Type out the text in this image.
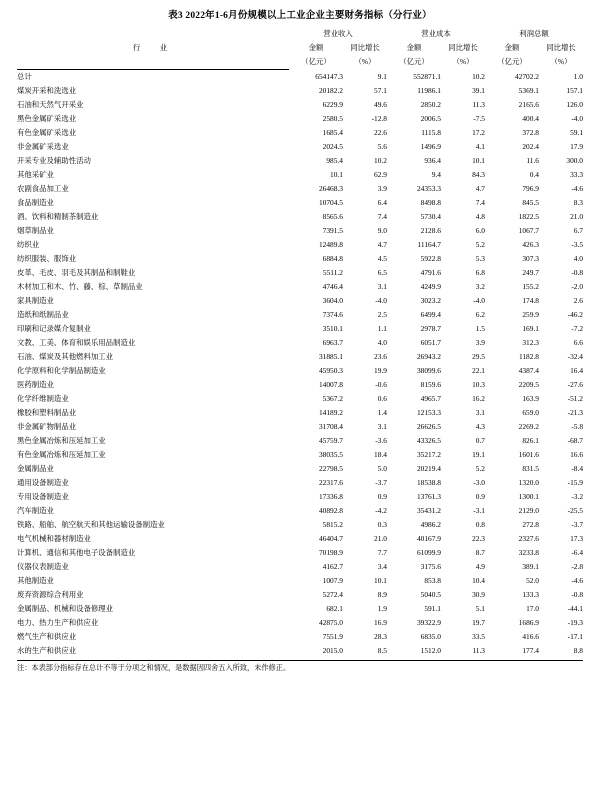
表3 2022年1-6月份规模以上工业企业主要财务指标（分行业）
行　业	营业收入		营业成本		利润总额	
	金额	同比增长	金额	同比增长	金额	同比增长
	（亿元）	（%）	（亿元）	（%）	（亿元）	（%）
总计	654147.3	9.1	552871.1	10.2	42702.2	1.0
煤炭开采和洗选业	20182.2	57.1	11986.1	39.1	5369.1	157.1
石油和天然气开采业	6229.9	49.6	2850.2	11.3	2165.6	126.0
黑色金属矿采选业	2580.5	-12.8	2006.5	-7.5	400.4	-4.0
有色金属矿采选业	1685.4	22.6	1115.8	17.2	372.8	59.1
非金属矿采选业	2024.5	5.6	1496.9	4.1	202.4	17.9
开采专业及辅助性活动	985.4	10.2	936.4	10.1	11.6	300.0
其他采矿业	10.1	62.9	9.4	84.3	0.4	33.3
农副食品加工业	26468.3	3.9	24353.3	4.7	796.9	-4.6
食品制造业	10704.5	6.4	8498.8	7.4	845.5	8.3
酒、饮料和精制茶制造业	8565.6	7.4	5730.4	4.8	1822.5	21.0
烟草制品业	7391.5	9.0	2128.6	6.0	1067.7	6.7
纺织业	12489.8	4.7	11164.7	5.2	426.3	-3.5
纺织服装、服饰业	6884.8	4.5	5922.8	5.3	307.3	4.0
皮革、毛皮、羽毛及其制品和制鞋业	5511.2	6.5	4791.6	6.8	249.7	-0.8
木材加工和木、竹、藤、棕、草制品业	4746.4	3.1	4249.9	3.2	155.2	-2.0
家具制造业	3604.0	-4.0	3023.2	-4.0	174.8	2.6
造纸和纸制品业	7374.6	2.5	6499.4	6.2	259.9	-46.2
印刷和记录媒介复制业	3510.1	1.1	2978.7	1.5	169.1	-7.2
文教、工美、体育和娱乐用品制造业	6963.7	4.0	6051.7	3.9	312.3	6.6
石油、煤炭及其他燃料加工业	31885.1	23.6	26943.2	29.5	1182.8	-32.4
化学原料和化学制品制造业	45950.3	19.9	38099.6	22.1	4387.4	16.4
医药制造业	14007.8	-0.6	8159.6	10.3	2209.5	-27.6
化学纤维制造业	5367.2	0.6	4965.7	16.2	163.9	-51.2
橡胶和塑料制品业	14189.2	1.4	12153.3	3.1	659.0	-21.3
非金属矿物制品业	31708.4	3.1	26626.5	4.3	2269.2	-5.8
黑色金属冶炼和压延加工业	45759.7	-3.6	43326.5	0.7	826.1	-68.7
有色金属冶炼和压延加工业	38035.5	18.4	35217.2	19.1	1601.6	16.6
金属制品业	22798.5	5.0	20219.4	5.2	831.5	-8.4
通用设备制造业	22317.6	-3.7	18538.8	-3.0	1320.0	-15.9
专用设备制造业	17336.8	0.9	13761.3	0.9	1300.1	-3.2
汽车制造业	40892.8	-4.2	35431.2	-3.1	2129.0	-25.5
铁路、船舶、航空航天和其他运输设备制造业	5815.2	0.3	4986.2	0.8	272.8	-3.7
电气机械和器材制造业	46404.7	21.0	40167.9	22.3	2327.6	17.3
计算机、通信和其他电子设备制造业	70198.9	7.7	61099.9	8.7	3233.8	-6.4
仪器仪表制造业	4162.7	3.4	3175.6	4.9	389.1	-2.8
其他制造业	1007.9	10.1	853.8	10.4	52.0	-4.6
废弃资源综合利用业	5272.4	8.9	5040.5	30.9	133.3	-0.8
金属制品、机械和设备修理业	682.1	1.9	591.1	5.1	17.0	-44.1
电力、热力生产和供应业	42875.0	16.9	39322.9	19.7	1686.9	-19.3
燃气生产和供应业	7551.9	28.3	6835.0	33.5	416.6	-17.1
水的生产和供应业	2015.0	8.5	1512.0	11.3	177.4	8.8
注：本表部分指标存在总计不等于分项之和情况，是数据因四舍五入所致，未作修正。
